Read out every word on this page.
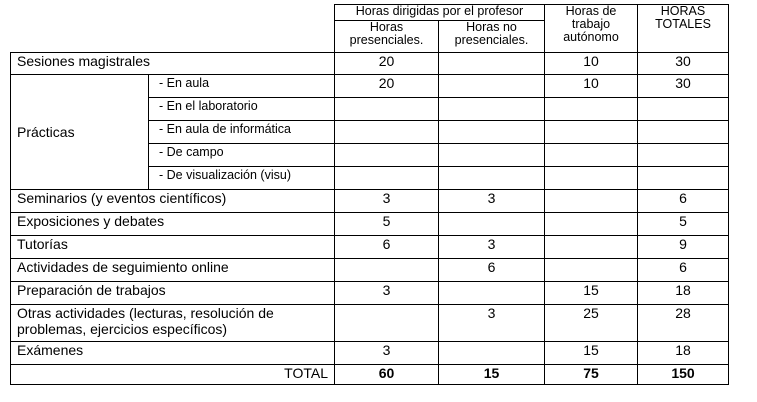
		Horas dirigidas por el profesor		Horas de trabajo autónomo	HORAS TOTALES
		Horas presenciales.	Horas no presenciales.		
Sesiones magistrales		20		10	30
Prácticas	- En aula	20		10	30
	- En el laboratorio				
	- En aula de informática				
	- De campo				
	- De visualización (visu)				
Seminarios (y eventos científicos)		3	3		6
Exposiciones y debates		5			5
Tutorías		6	3		9
Actividades de seguimiento online			6		6
Preparación de trabajos		3		15	18
Otras actividades (lecturas, resolución de problemas, ejercicios específicos)			3	25	28
Exámenes		3		15	18
TOTAL		60	15	75	150
